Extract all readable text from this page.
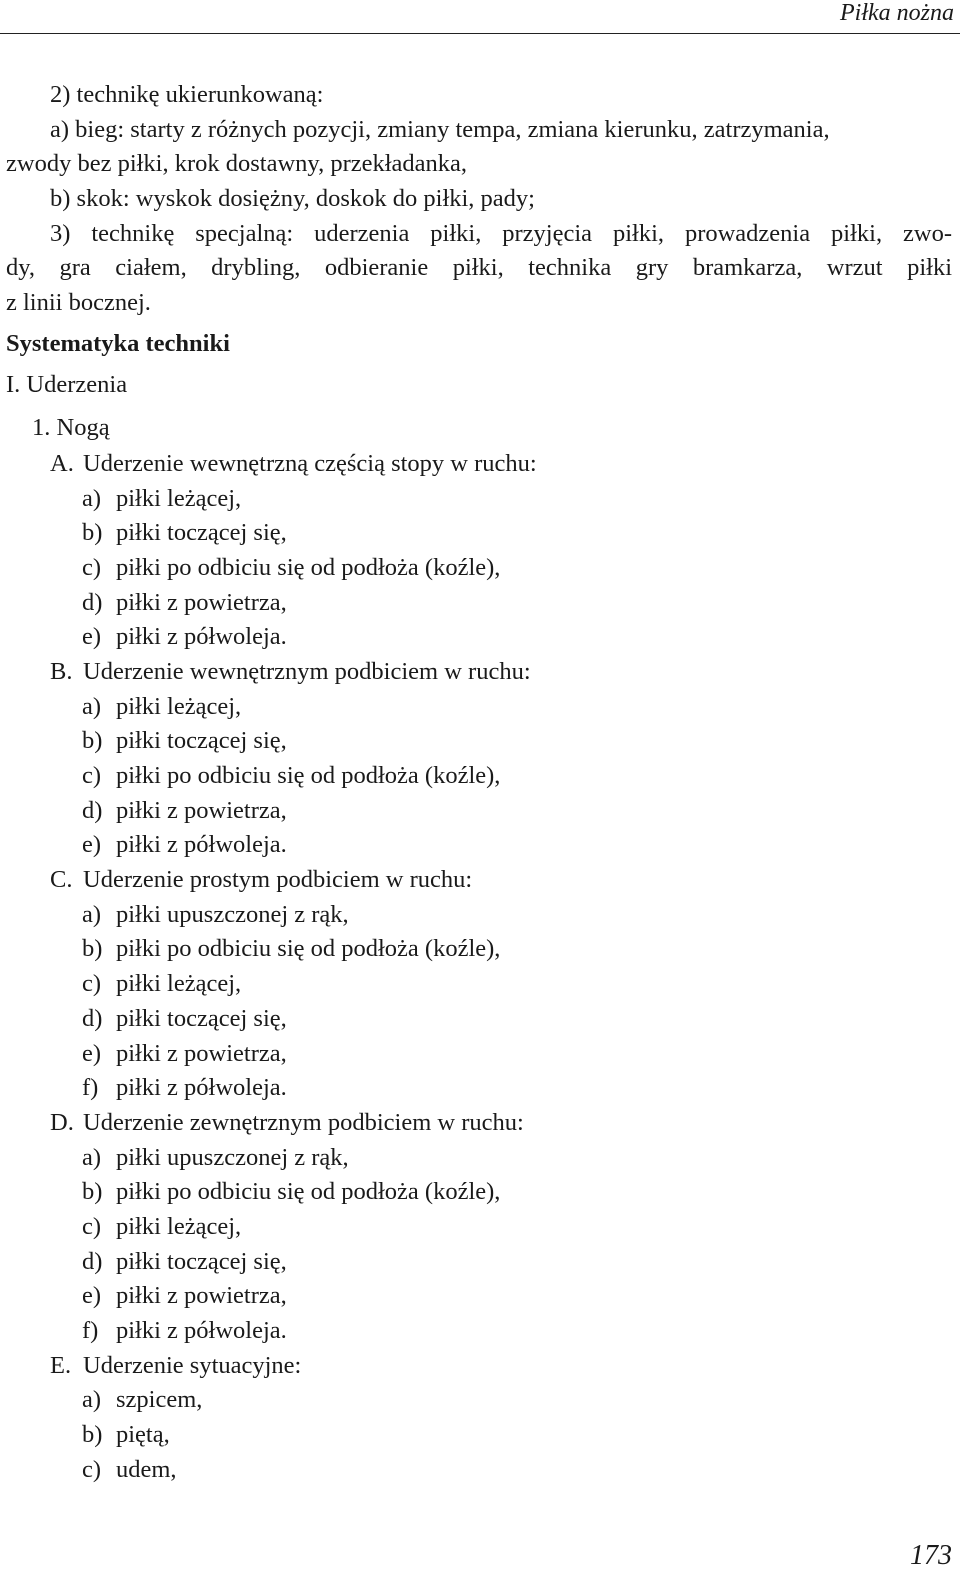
Piłka nożna
2) technikę ukierunkowaną:
a) bieg: starty z różnych pozycji, zmiany tempa, zmiana kierunku, zatrzymania,
zwody bez piłki, krok dostawny, przekładanka,
b) skok: wyskok dosiężny, doskok do piłki, pady;
3) technikę specjalną: uderzenia piłki, przyjęcia piłki, prowadzenia piłki, zwo-
dy, gra ciałem, drybling, odbieranie piłki, technika gry bramkarza, wrzut piłki
z linii bocznej.
Systematyka techniki
I. Uderzenia
1. Nogą
A. Uderzenie wewnętrzną częścią stopy w ruchu:
a) piłki leżącej,
b) piłki toczącej się,
c) piłki po odbiciu się od podłoża (koźle),
d) piłki z powietrza,
e) piłki z półwoleja.
B. Uderzenie wewnętrznym podbiciem w ruchu:
a) piłki leżącej,
b) piłki toczącej się,
c) piłki po odbiciu się od podłoża (koźle),
d) piłki z powietrza,
e) piłki z półwoleja.
C. Uderzenie prostym podbiciem w ruchu:
a) piłki upuszczonej z rąk,
b) piłki po odbiciu się od podłoża (koźle),
c) piłki leżącej,
d) piłki toczącej się,
e) piłki z powietrza,
f) piłki z półwoleja.
D. Uderzenie zewnętrznym podbiciem w ruchu:
a) piłki upuszczonej z rąk,
b) piłki po odbiciu się od podłoża (koźle),
c) piłki leżącej,
d) piłki toczącej się,
e) piłki z powietrza,
f) piłki z półwoleja.
E. Uderzenie sytuacyjne:
a) szpicem,
b) piętą,
c) udem,
173
